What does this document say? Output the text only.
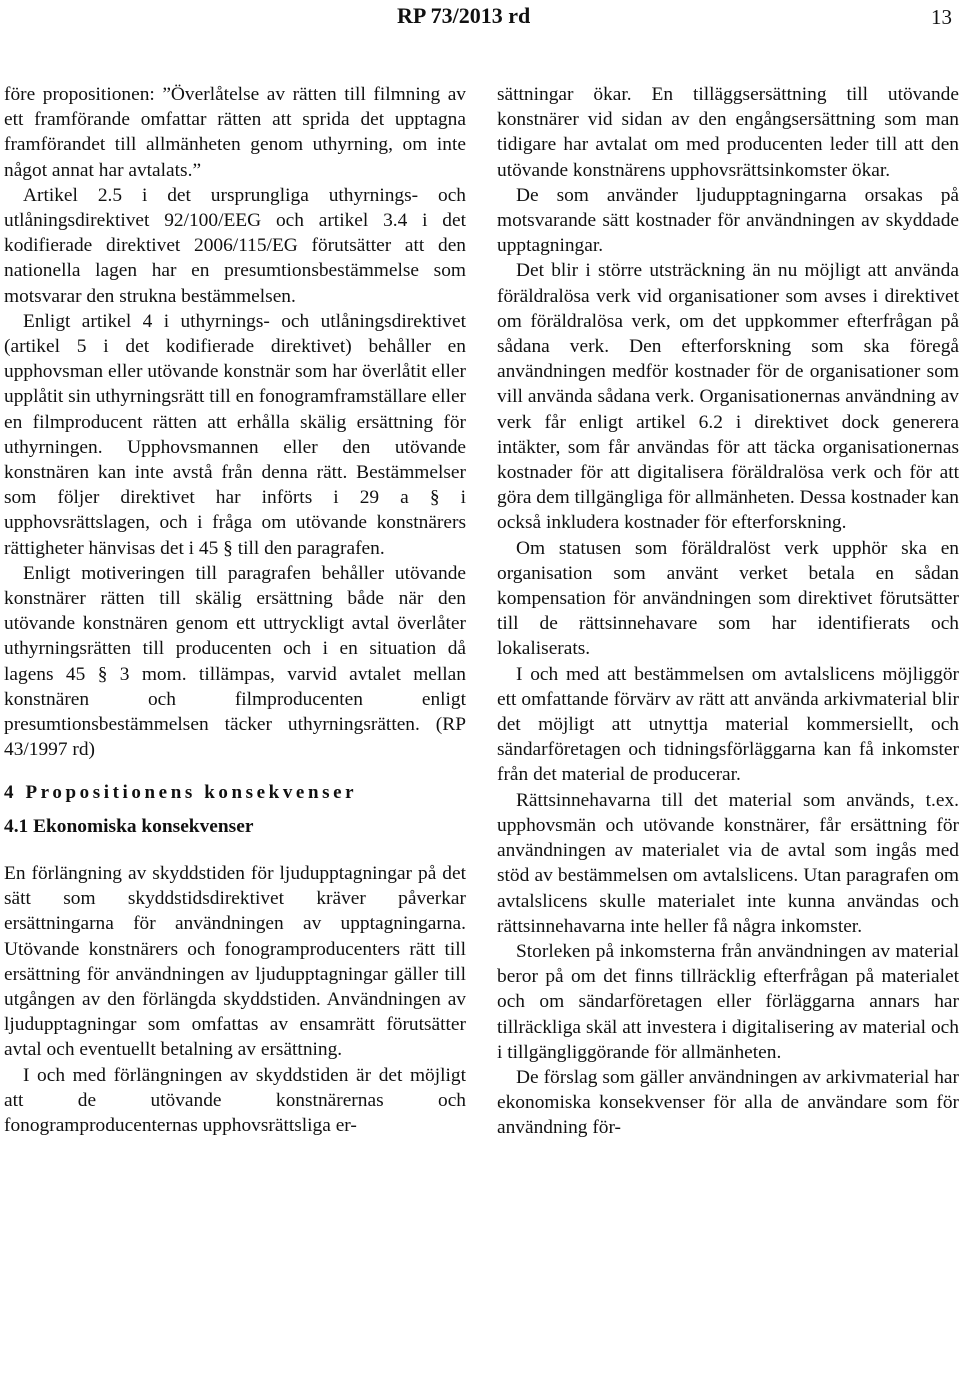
RP 73/2013 rd	13

före propositionen: ”Överlåtelse av rätten till filmning av ett framförande omfattar rätten att sprida det upptagna framförandet till allmänheten genom uthyrning, om inte något annat har avtalats.”

Artikel 2.5 i det ursprungliga uthyrnings- och utlåningsdirektivet 92/100/EEG och artikel 3.4 i det kodifierade direktivet 2006/115/EG förutsätter att den nationella lagen har en presumtionsbestämmelse som motsvarar den strukna bestämmelsen.

Enligt artikel 4 i uthyrnings- och utlåningsdirektivet (artikel 5 i det kodifierade direktivet) behåller en upphovsman eller utövande konstnär som har överlåtit eller upplåtit sin uthyrningsrätt till en fonogramframställare eller en filmproducent rätten att erhålla skälig ersättning för uthyrningen. Upphovsmannen eller den utövande konstnären kan inte avstå från denna rätt. Bestämmelser som följer direktivet har införts i 29 a § i upphovsrättslagen, och i fråga om utövande konstnärers rättigheter hänvisas det i 45 § till den paragrafen.

Enligt motiveringen till paragrafen behåller utövande konstnärer rätten till skälig ersättning både när den utövande konstnären genom ett uttryckligt avtal överlåter uthyrningsrätten till producenten och i en situation då lagens 45 § 3 mom. tillämpas, varvid avtalet mellan konstnären och filmproducenten enligt presumtionsbestämmelsen täcker uthyrningsrätten. (RP 43/1997 rd)

4 Propositionens konsekvenser
4.1 Ekonomiska konsekvenser

En förlängning av skyddstiden för ljudupptagningar på det sätt som skyddstidsdirektivet kräver påverkar ersättningarna för användningen av upptagningarna. Utövande konstnärers och fonogramproducenters rätt till ersättning för användningen av ljudupptagningar gäller till utgången av den förlängda skyddstiden. Användningen av ljudupptagningar som omfattas av ensamrätt förutsätter avtal och eventuellt betalning av ersättning.

I och med förlängningen av skyddstiden är det möjligt att de utövande konstnärernas och fonogramproducenternas upphovsrättsliga er-

sättningar ökar. En tilläggsersättning till utövande konstnärer vid sidan av den engångsersättning som man tidigare har avtalat om med producenten leder till att den utövande konstnärens upphovsrättsinkomster ökar.

De som använder ljudupptagningarna orsakas på motsvarande sätt kostnader för användningen av skyddade upptagningar.

Det blir i större utsträckning än nu möjligt att använda föräldralösa verk vid organisationer som avses i direktivet om föräldralösa verk, om det uppkommer efterfrågan på sådana verk. Den efterforskning som ska föregå användningen medför kostnader för de organisationer som vill använda sådana verk. Organisationernas användning av verk får enligt artikel 6.2 i direktivet dock generera intäkter, som får användas för att täcka organisationernas kostnader för att digitalisera föräldralösa verk och för att göra dem tillgängliga för allmänheten. Dessa kostnader kan också inkludera kostnader för efterforskning.

Om statusen som föräldralöst verk upphör ska en organisation som använt verket betala en sådan kompensation för användningen som direktivet förutsätter till de rättsinnehavare som har identifierats och lokaliserats.

I och med att bestämmelsen om avtalslicens möjliggör ett omfattande förvärv av rätt att använda arkivmaterial blir det möjligt att utnyttja material kommersiellt, och sändarföretagen och tidningsförläggarna kan få inkomster från det material de producerar.

Rättsinnehavarna till det material som används, t.ex. upphovsmän och utövande konstnärer, får ersättning för användningen av materialet via de avtal som ingås med stöd av bestämmelsen om avtalslicens. Utan paragrafen om avtalslicens skulle materialet inte kunna användas och rättsinnehavarna inte heller få några inkomster.

Storleken på inkomsterna från användningen av material beror på om det finns tillräcklig efterfrågan på materialet och om sändarföretagen eller förläggarna annars har tillräckliga skäl att investera i digitalisering av material och i tillgängliggörande för allmänheten.

De förslag som gäller användningen av arkivmaterial har ekonomiska konsekvenser för alla de användare som för användning för-
